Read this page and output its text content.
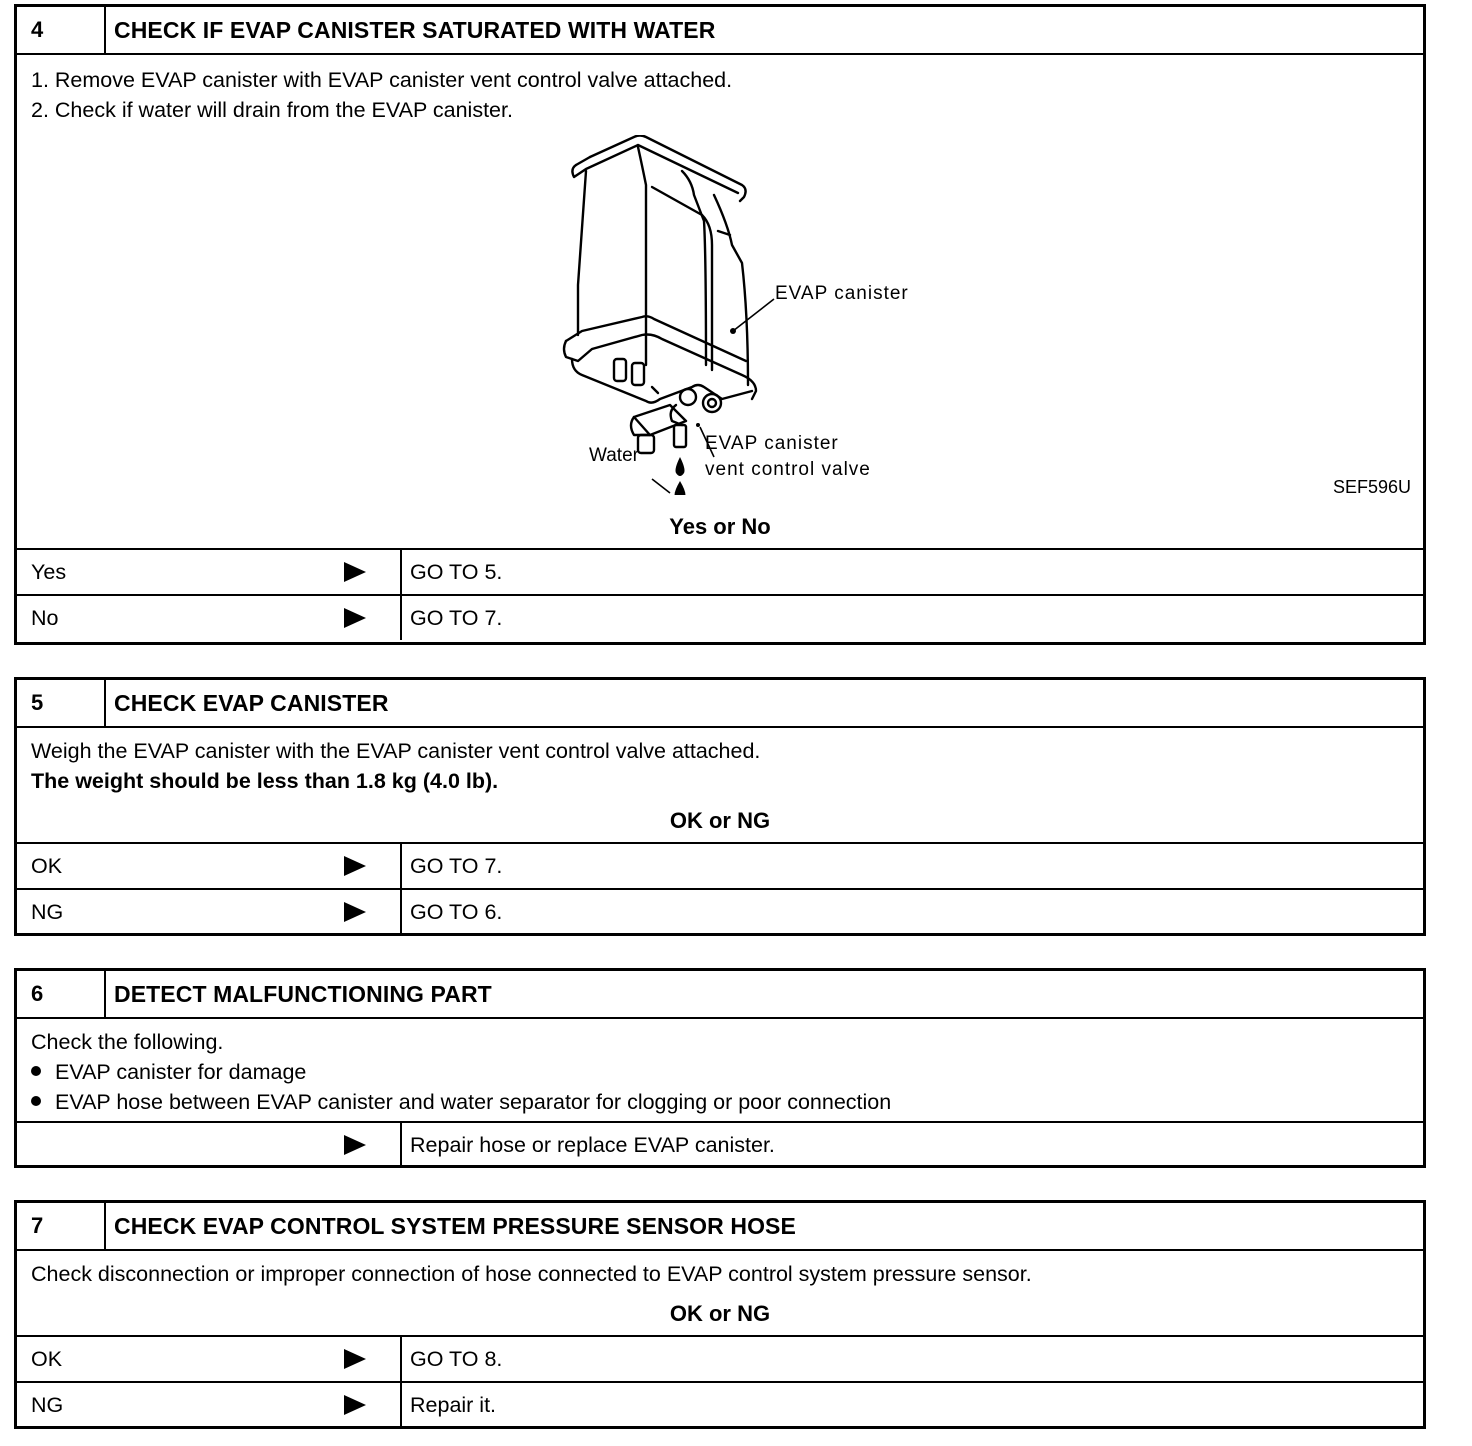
4	CHECK IF EVAP CANISTER SATURATED WITH WATER
1. Remove EVAP canister with EVAP canister vent control valve attached.
2. Check if water will drain from the EVAP canister.
EVAP canister
EVAP canister
vent control valve
Water
SEF596U
Yes or No
Yes	GO TO 5.
No	GO TO 7.
5	CHECK EVAP CANISTER
Weigh the EVAP canister with the EVAP canister vent control valve attached.
The weight should be less than 1.8 kg (4.0 lb).
OK or NG
OK	GO TO 7.
NG	GO TO 6.
6	DETECT MALFUNCTIONING PART
Check the following.
EVAP canister for damage
EVAP hose between EVAP canister and water separator for clogging or poor connection
Repair hose or replace EVAP canister.
7	CHECK EVAP CONTROL SYSTEM PRESSURE SENSOR HOSE
Check disconnection or improper connection of hose connected to EVAP control system pressure sensor.
OK or NG
OK	GO TO 8.
NG	Repair it.
